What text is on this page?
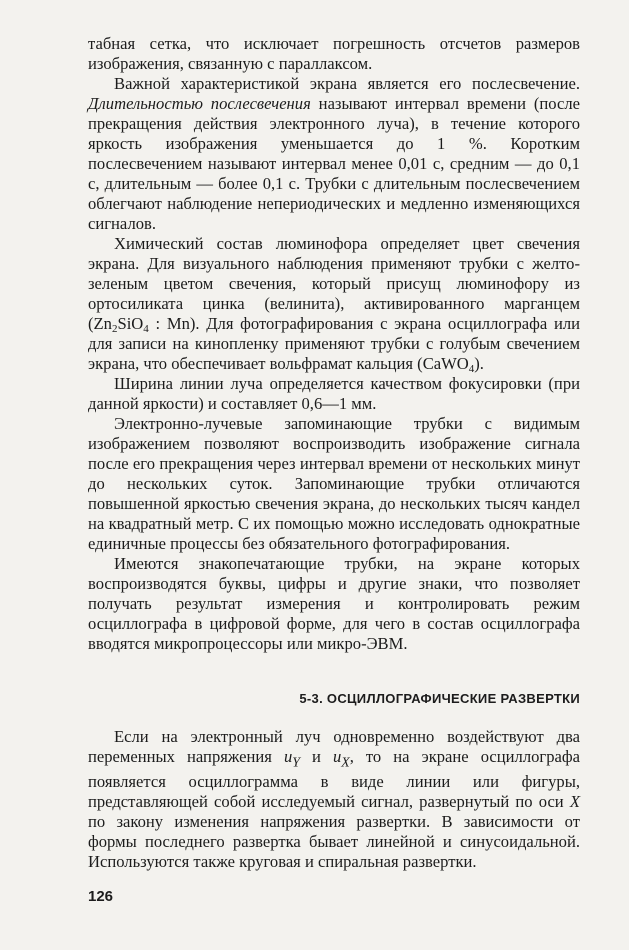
табная сетка, что исключает погрешность отсчетов размеров изображения, связанную с параллаксом.

Важной характеристикой экрана является его послесвечение. Длительностью послесвечения называют интервал времени (после прекращения действия электронного луча), в течение которого яркость изображения уменьшается до 1 %. Коротким послесвечением называют интервал менее 0,01 с, средним — до 0,1 с, длительным — более 0,1 с. Трубки с длительным послесвечением облегчают наблюдение непериодических и медленно изменяющихся сигналов.

Химический состав люминофора определяет цвет свечения экрана. Для визуального наблюдения применяют трубки с желто-зеленым цветом свечения, который присущ люминофору из ортосиликата цинка (велинита), активированного марганцем ($Zn_2SiO_4$ : Mn). Для фотографирования с экрана осциллографа или для записи на кинопленку применяют трубки с голубым свечением экрана, что обеспечивает вольфрамат кальция (CaWO$_4$).

Ширина линии луча определяется качеством фокусировки (при данной яркости) и составляет 0,6—1 мм.

Электронно-лучевые запоминающие трубки с видимым изображением позволяют воспроизводить изображение сигнала после его прекращения через интервал времени от нескольких минут до нескольких суток. Запоминающие трубки отличаются повышенной яркостью свечения экрана, до нескольких тысяч кандел на квадратный метр. С их помощью можно исследовать однократные единичные процессы без обязательного фотографирования.

Имеются знакопечатающие трубки, на экране которых воспроизводятся буквы, цифры и другие знаки, что позволяет получать результат измерения и контролировать режим осциллографа в цифровой форме, для чего в состав осциллографа вводятся микропроцессоры или микро-ЭВМ.

5-3. ОСЦИЛЛОГРАФИЧЕСКИЕ РАЗВЕРТКИ

Если на электронный луч одновременно воздействуют два переменных напряжения $u_Y$ и $u_X$, то на экране осциллографа появляется осциллограмма в виде линии или фигуры, представляющей собой исследуемый сигнал, развернутый по оси X по закону изменения напряжения развертки. В зависимости от формы последнего развертка бывает линейной и синусоидальной. Используются также круговая и спиральная развертки.

126
